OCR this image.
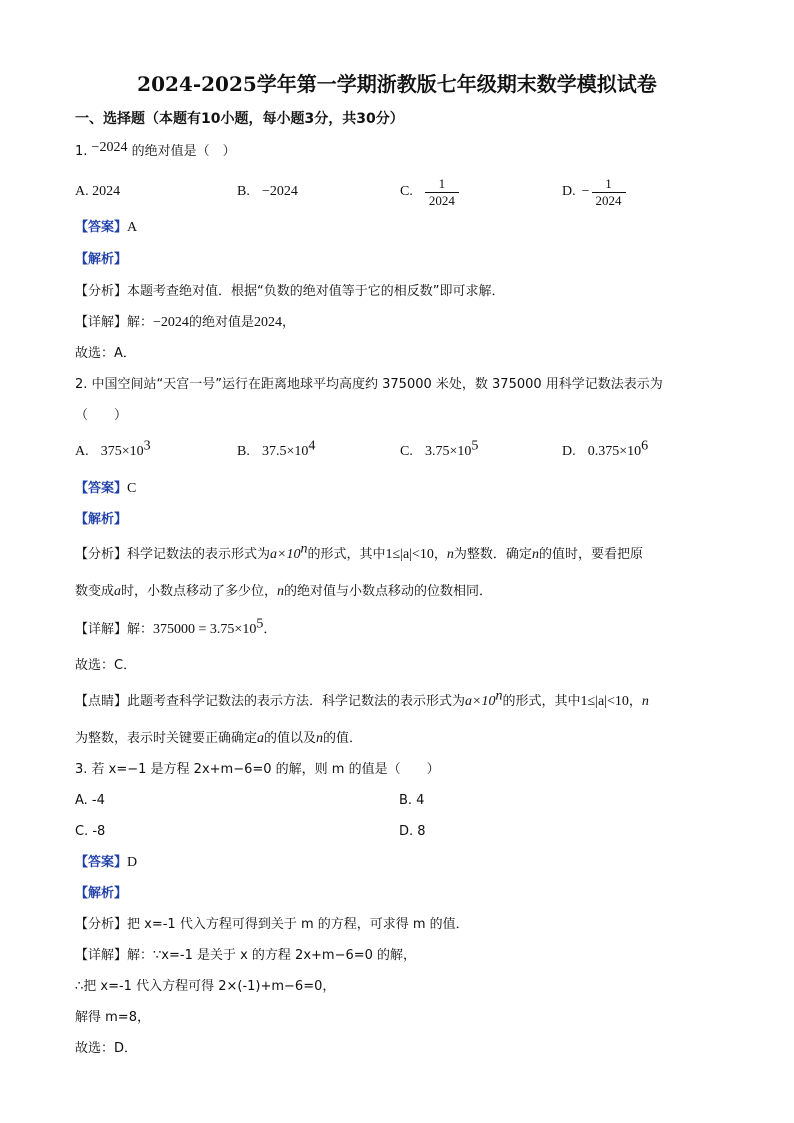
2024-2025学年第一学期浙教版七年级期末数学模拟试卷
一、选择题（本题有10小题，每小题3分，共30分）
1. −2024 的绝对值是（　）
A. 2024	B. −2024	C. $\frac{1}{2024}$	D. − $\frac{1}{2024}$
【答案】A
【解析】
【分析】本题考查绝对值．根据“负数的绝对值等于它的相反数”即可求解．
【详解】解：−2024的绝对值是2024，
故选：A．
2. 中国空间站“天宫一号”运行在距离地球平均高度约 375000 米处，数 375000 用科学记数法表示为
（　　）
A. $375\times 10^3$	B. $37.5\times 10^4$	C. $3.75\times 10^5$	D. $0.375\times 10^6$
【答案】C
【解析】
【分析】科学记数法的表示形式为$a\times 10^n$的形式，其中1≤|a|<10，n为整数．确定n的值时，要看把原
数变成a时，小数点移动了多少位，n的绝对值与小数点移动的位数相同．
【详解】解：$375000 = 3.75\times 10^5$．
故选：C．
【点睛】此题考查科学记数法的表示方法．科学记数法的表示形式为$a\times 10^n$的形式，其中1≤|a|<10，n
为整数，表示时关键要正确确定a的值以及n的值．
3. 若 x=−1 是方程 2x+m−6=0 的解，则 m 的值是（　　）
A. -4	B. 4
C. -8	D. 8
【答案】D
【解析】
【分析】把 x=-1 代入方程可得到关于 m 的方程，可求得 m 的值．
【详解】解：∵x=-1 是关于 x 的方程 2x+m−6=0 的解，
∴把 x=-1 代入方程可得 2×(-1)+m−6=0，
解得 m=8，
故选：D．
